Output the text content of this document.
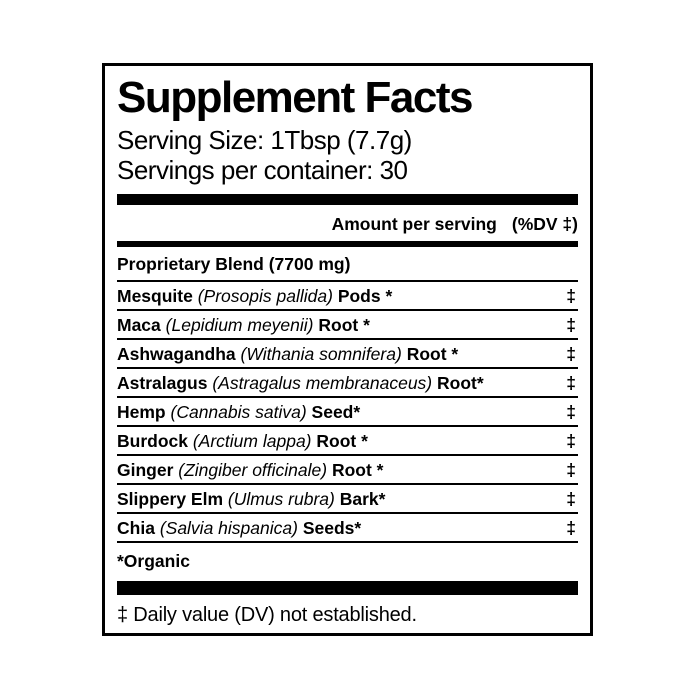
Supplement Facts
Serving Size: 1Tbsp (7.7g)
Servings per container: 30
Amount per serving (%DV ‡)
Proprietary Blend (7700 mg)
Mesquite (Prosopis pallida) Pods *	‡
Maca (Lepidium meyenii) Root *	‡
Ashwagandha (Withania somnifera) Root *	‡
Astralagus (Astragalus membranaceus) Root*	‡
Hemp (Cannabis sativa) Seed*	‡
Burdock (Arctium lappa) Root *	‡
Ginger (Zingiber officinale) Root *	‡
Slippery Elm (Ulmus rubra) Bark*	‡
Chia (Salvia hispanica) Seeds*	‡
*Organic
‡ Daily value (DV) not established.
